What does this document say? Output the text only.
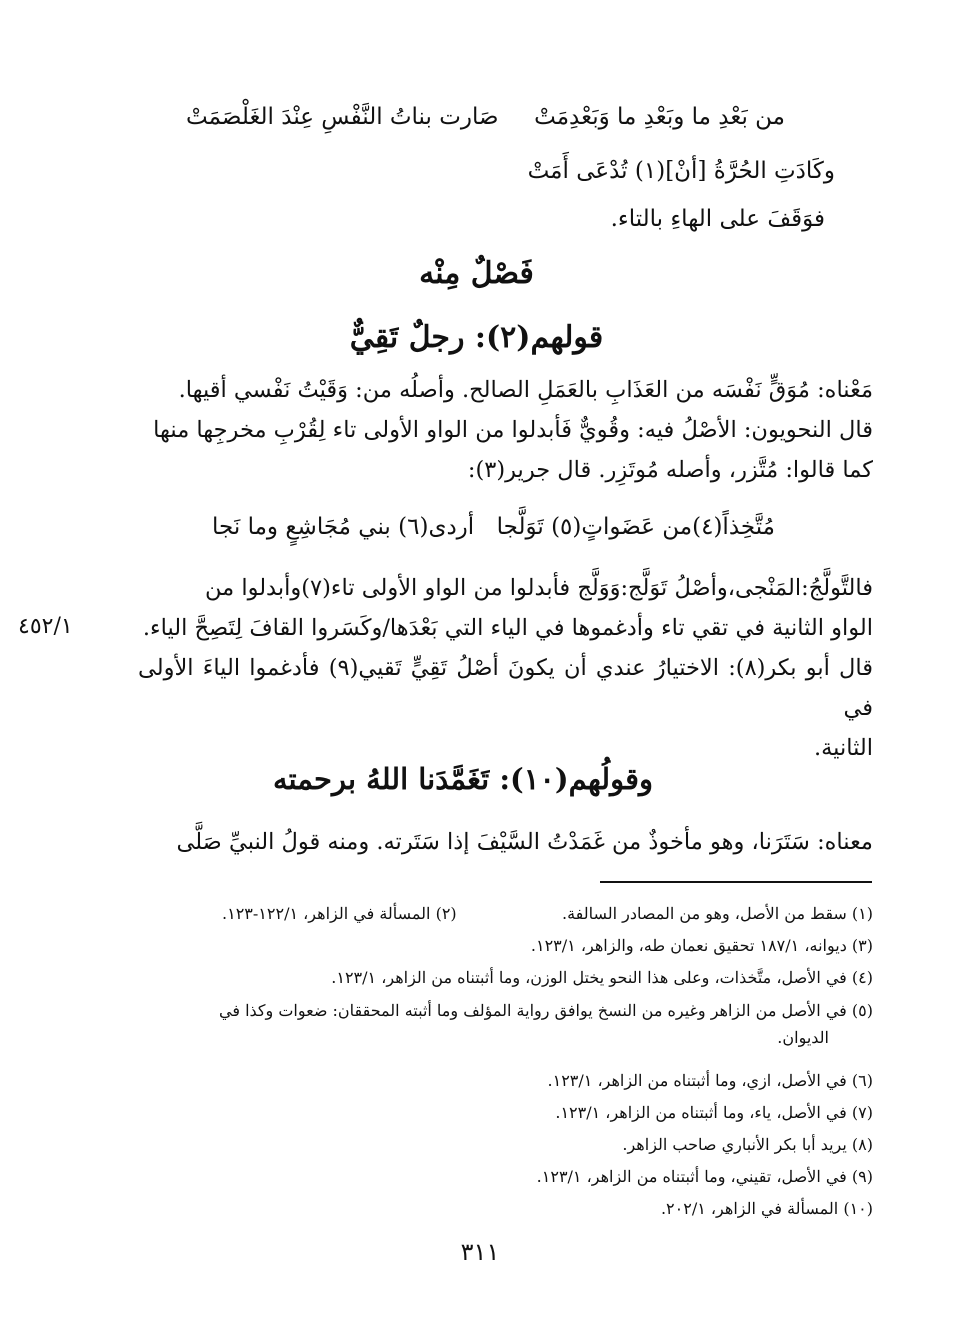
من بَعْدِ ما وبَعْدِ ما وَبَعْدِمَتْ
صَارت بناتُ النَّفْسِ عِنْدَ الغَلْصَمَتْ
وكَادَتِ الحُرَّةُ [أنْ](١) تُدْعَى أَمَتْ
فوَقَفَ على الهاءِ بالتاء.
فَصْلٌ مِنْه
قولهم(٢): رجلٌ تَقِيٌّ

مَعْناه: مُوَقٍّ نَفْسَه من العَذَابِ بالعَمَلِ الصالح. وأصلُه من: وَقَيْتُ نَفْسي أقيها.

قال النحويون: الأصْلُ فيه: وقُويٌّ فَأبدلوا من الواو الأولى تاء لِقُرْبِ مخرجِها منها

كما قالوا: مُتَّزر، وأصله مُوتَزِر. قال جرير(٣):

مُتَّخِذاً(٤)من عَضَواتٍ(٥) تَوَلَّجا
أردى(٦) بني مُجَاشِعٍ وما نَجا

فالتَّولَّجُ:المَنْجى،وأصْلُ تَوَلَّج:وَوَلَّج فأبدلوا من الواو الأولى تاء(٧)وأبدلوا من

الواو الثانية في تقي تاء وأدغموها في الياء التي بَعْدَها/وكَسَروا القافَ لِتَصِحَّ الياء.

قال أبو بكر(٨): الاختيارُ عندي أن يكونَ أصْلُ تَقِيٍّ تَقيي(٩) فأدغموا الياءَ الأولى في

الثانية.

٤٥٢/١
وقولُهم(١٠): تَغَمَّدَنا اللهُ برحمته

معناه: سَتَرَنا، وهو مأخوذٌ من غَمَدْتُ السَّيْفَ إذا سَتَرته. ومنه قولُ النبيِّ صَلَّى

(١) سقط من الأصل، وهو من المصادر السالفة.
(٢) المسألة في الزاهر، ١٢٢/١-١٢٣.
(٣) ديوانه، ١٨٧/١ تحقيق نعمان طه، والزاهر، ١٢٣/١.
(٤) في الأصل، متَّخذات، وعلى هذا النحو يختل الوزن، وما أثبتناه من الزاهر، ١٢٣/١.
(٥) في الأصل من الزاهر وغيره من النسخ يوافق رواية المؤلف وما أثبته المحققان: ضعوات وكذا في
الديوان.
(٦) في الأصل، ازي، وما أثبتناه من الزاهر، ١٢٣/١.
(٧) في الأصل، ياء، وما أثبتناه من الزاهر، ١٢٣/١.
(٨) يريد أبا بكر الأنباري صاحب الزاهر.
(٩) في الأصل، تقيني، وما أثبتناه من الزاهر، ١٢٣/١.
(١٠) المسألة في الزاهر، ٢٠٢/١.
٣١١
